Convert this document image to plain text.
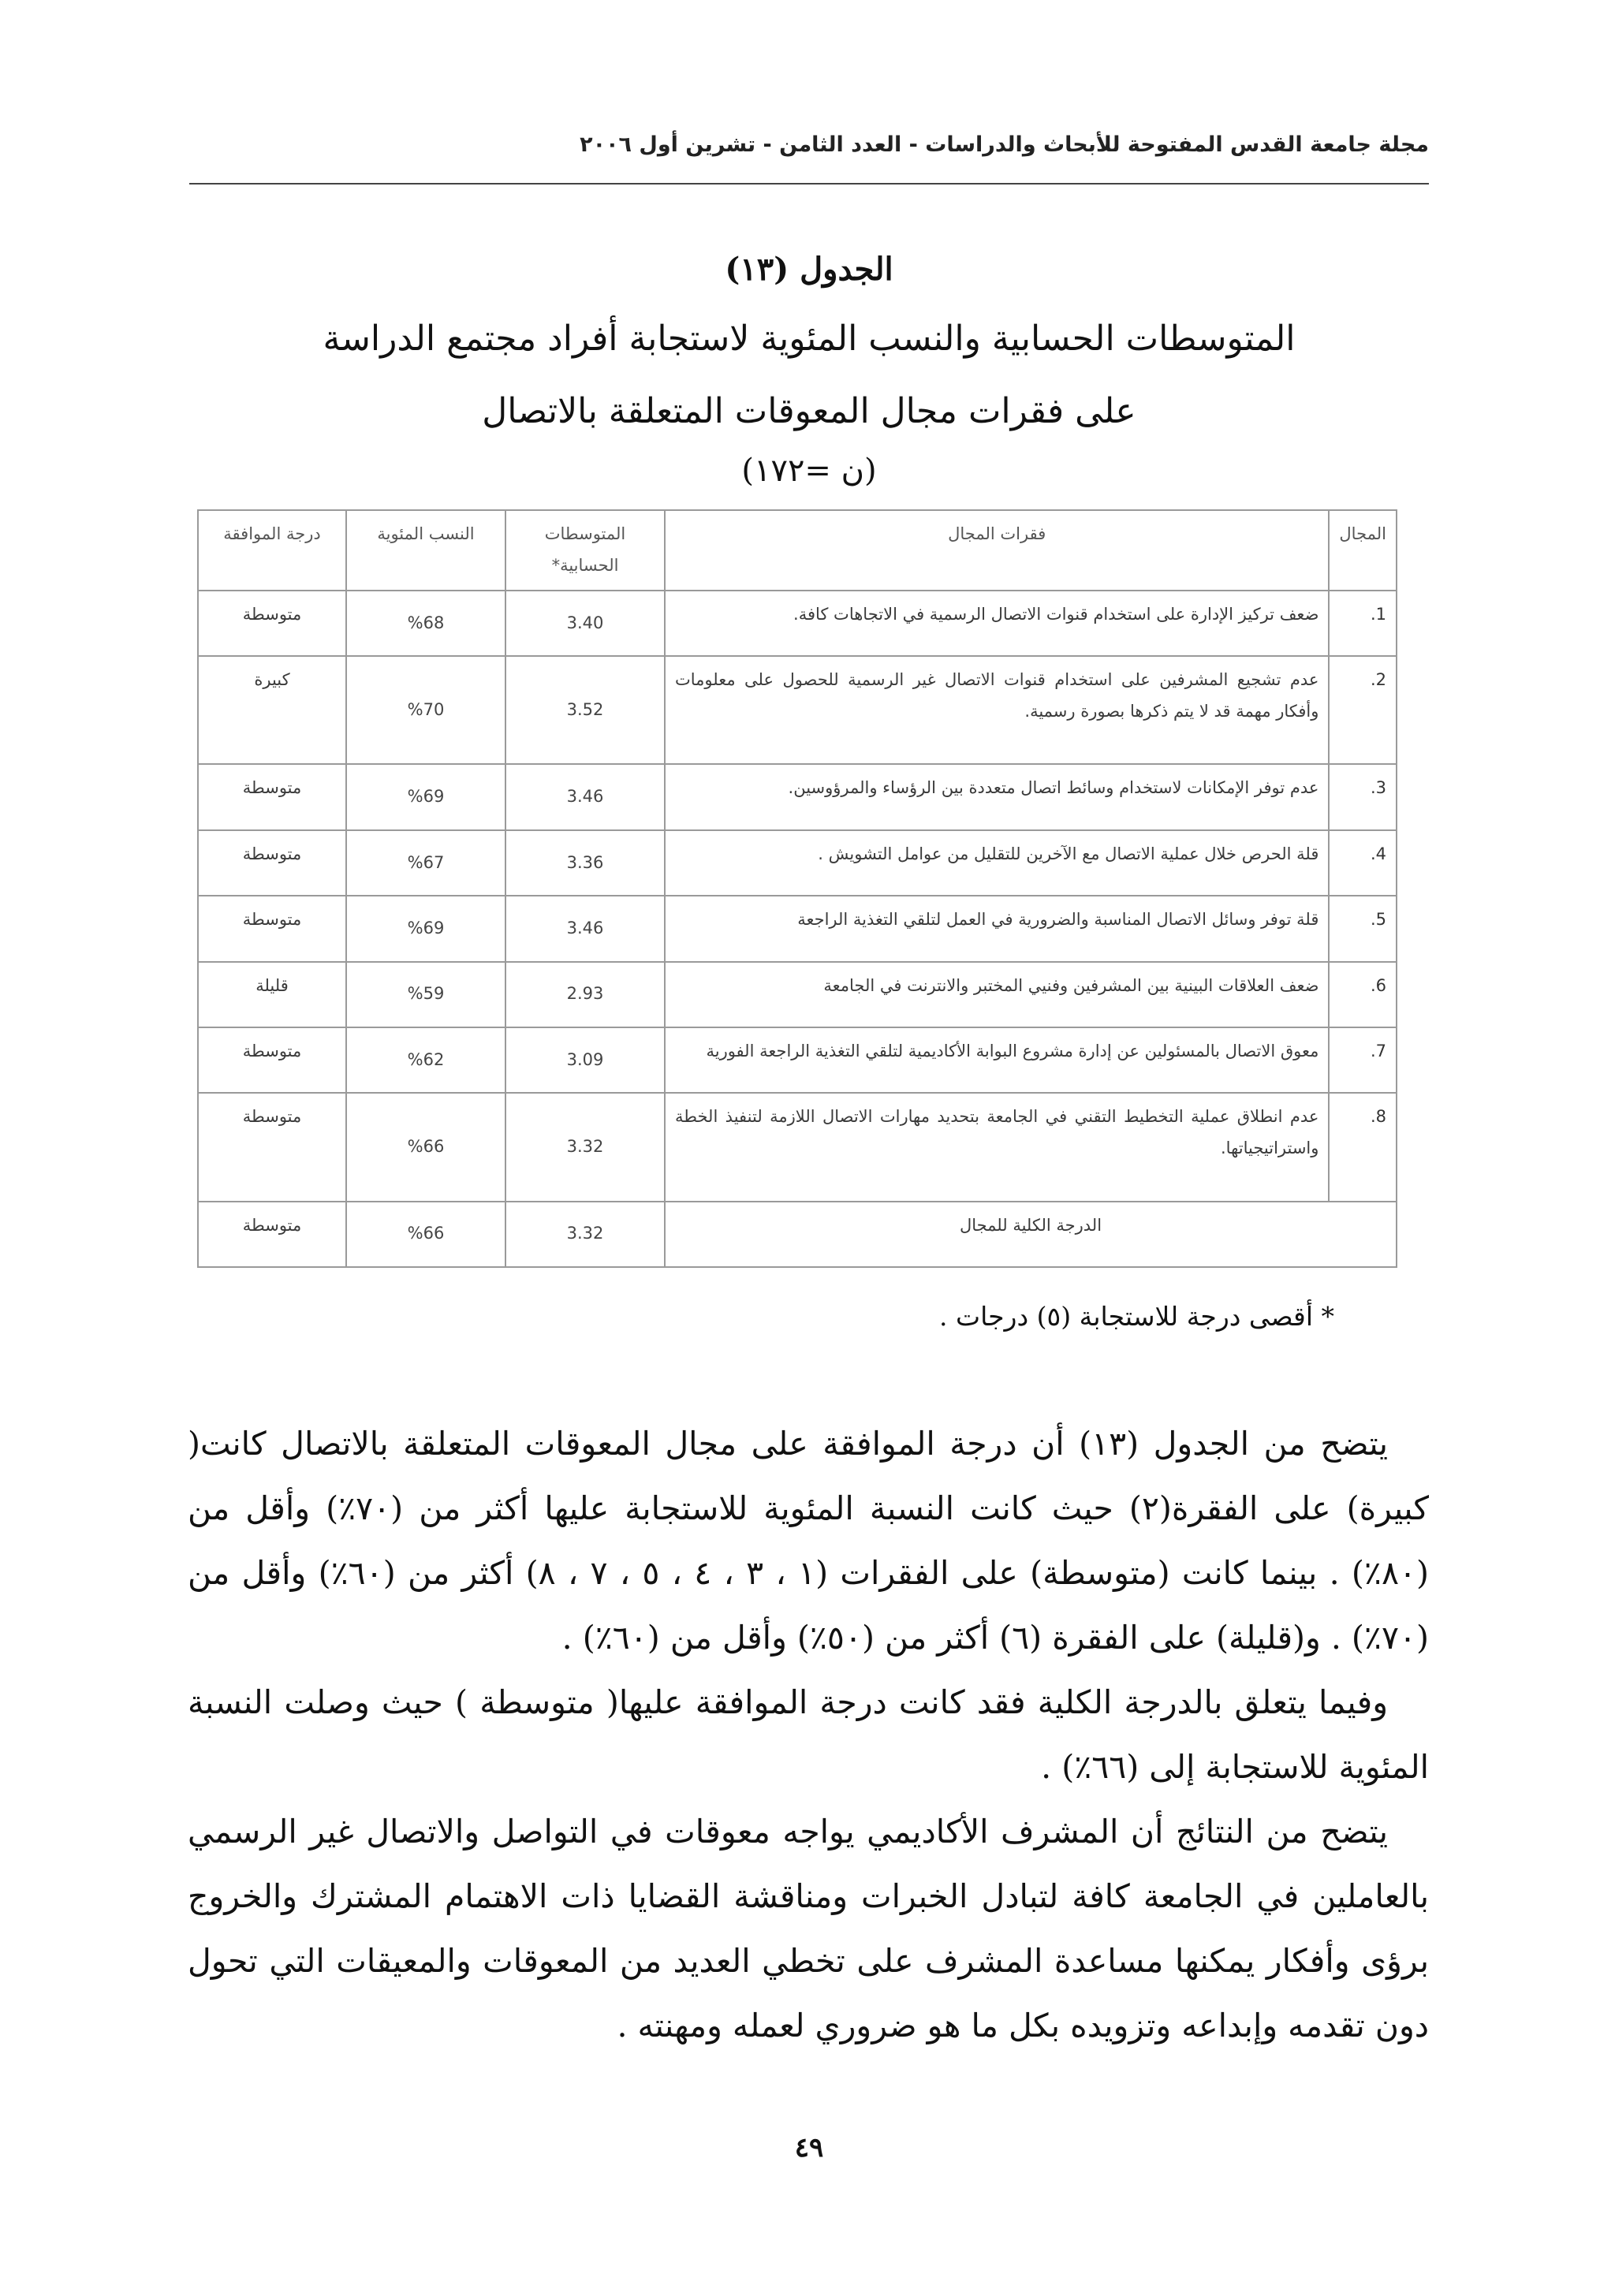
مجلة جامعة القدس المفتوحة للأبحاث والدراسات - العدد الثامن - تشرين أول ٢٠٠٦
الجدول (١٣)
المتوسطات الحسابية والنسب المئوية لاستجابة أفراد مجتمع الدراسة
على فقرات مجال المعوقات المتعلقة بالاتصال
(ن =١٧٢)
المجال	فقرات المجال	المتوسطات الحسابية*	النسب المئوية	درجة الموافقة
1.	ضعف تركيز الإدارة على استخدام قنوات الاتصال الرسمية في الاتجاهات كافة.	3.40	%68	متوسطة
2.	عدم تشجيع المشرفين على استخدام قنوات الاتصال غير الرسمية للحصول على معلومات وأفكار مهمة قد لا يتم ذكرها بصورة رسمية.	3.52	%70	كبيرة
3.	عدم توفر الإمكانات لاستخدام وسائط اتصال متعددة بين الرؤساء والمرؤوسين.	3.46	%69	متوسطة
4.	قلة الحرص خلال عملية الاتصال مع الآخرين للتقليل من عوامل التشويش .	3.36	%67	متوسطة
5.	قلة توفر وسائل الاتصال المناسبة والضرورية في العمل لتلقي التغذية الراجعة	3.46	%69	متوسطة
6.	ضعف العلاقات البينية بين المشرفين وفنيي المختبر والانترنت في الجامعة	2.93	%59	قليلة
7.	معوق الاتصال بالمسئولين عن إدارة مشروع البوابة الأكاديمية لتلقي التغذية الراجعة الفورية	3.09	%62	متوسطة
8.	عدم انطلاق عملية التخطيط التقني في الجامعة بتحديد مهارات الاتصال اللازمة لتنفيذ الخطة واستراتيجياتها.	3.32	%66	متوسطة
الدرجة الكلية للمجال		3.32	%66	متوسطة
* أقصى درجة للاستجابة (٥) درجات .

يتضح من الجدول (١٣) أن درجة الموافقة على مجال المعوقات المتعلقة بالاتصال كانت( كبيرة) على الفقرة(٢) حيث كانت النسبة المئوية للاستجابة عليها أكثر من (٧٠٪) وأقل من (٨٠٪) . بينما كانت (متوسطة) على الفقرات (١ ، ٣ ، ٤ ، ٥ ، ٧ ، ٨) أكثر من (٦٠٪) وأقل من (٧٠٪) . و(قليلة) على الفقرة (٦) أكثر من (٥٠٪) وأقل من (٦٠٪) .

وفيما يتعلق بالدرجة الكلية فقد كانت درجة الموافقة عليها( متوسطة ) حيث وصلت النسبة المئوية للاستجابة إلى (٦٦٪) .

يتضح من النتائج أن المشرف الأكاديمي يواجه معوقات في التواصل والاتصال غير الرسمي بالعاملين في الجامعة كافة لتبادل الخبرات ومناقشة القضايا ذات الاهتمام المشترك والخروج برؤى وأفكار يمكنها مساعدة المشرف على تخطي العديد من المعوقات والمعيقات التي تحول دون تقدمه وإبداعه وتزويده بكل ما هو ضروري لعمله ومهنته .

٤٩
